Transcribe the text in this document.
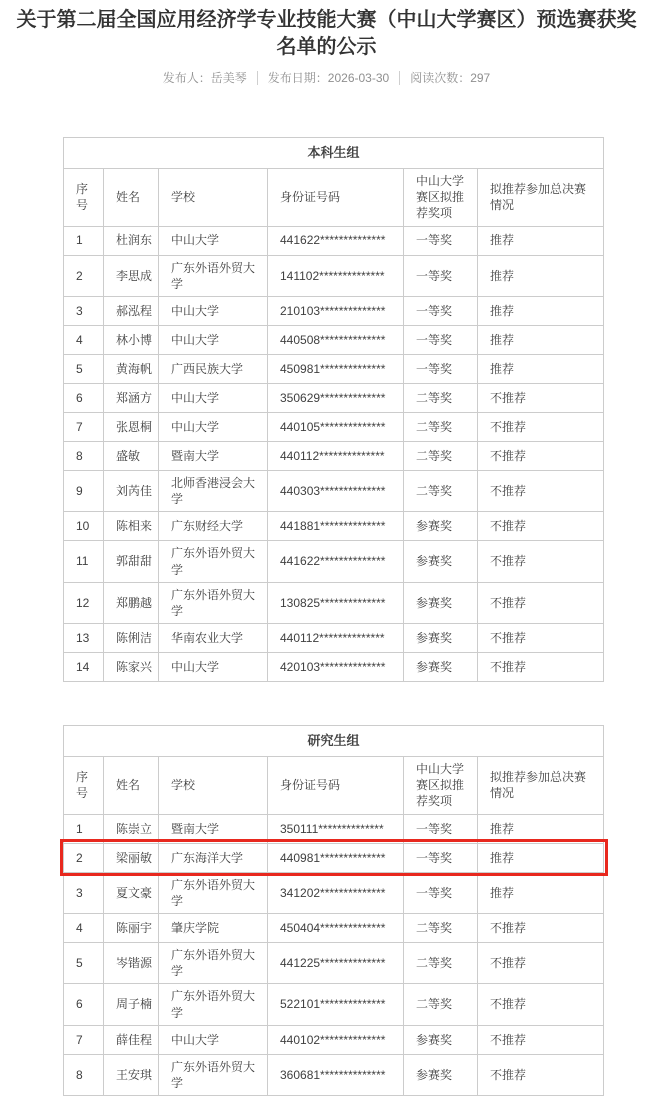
关于第二届全国应用经济学专业技能大赛（中山大学赛区）预选赛获奖名单的公示
发布人：岳美琴 发布日期：2026-03-30 阅读次数：297
本科生组					
序号	姓名	学校	身份证号码	中山大学赛区拟推荐奖项	拟推荐参加总决赛情况
1	杜润东	中山大学	441622**************	一等奖	推荐
2	李思成	广东外语外贸大学	141102**************	一等奖	推荐
3	郝泓程	中山大学	210103**************	一等奖	推荐
4	林小博	中山大学	440508**************	一等奖	推荐
5	黄海帆	广西民族大学	450981**************	一等奖	推荐
6	郑涵方	中山大学	350629**************	二等奖	不推荐
7	张恩桐	中山大学	440105**************	二等奖	不推荐
8	盛敏	暨南大学	440112**************	二等奖	不推荐
9	刘芮佳	北师香港浸会大学	440303**************	二等奖	不推荐
10	陈相来	广东财经大学	441881**************	参赛奖	不推荐
11	郭甜甜	广东外语外贸大学	441622**************	参赛奖	不推荐
12	郑鹏越	广东外语外贸大学	130825**************	参赛奖	不推荐
13	陈俐洁	华南农业大学	440112**************	参赛奖	不推荐
14	陈家兴	中山大学	420103**************	参赛奖	不推荐
研究生组					
序号	姓名	学校	身份证号码	中山大学赛区拟推荐奖项	拟推荐参加总决赛情况
1	陈崇立	暨南大学	350111**************	一等奖	推荐
2	梁丽敏	广东海洋大学	440981**************	一等奖	推荐
3	夏文豪	广东外语外贸大学	341202**************	一等奖	推荐
4	陈丽宇	肇庆学院	450404**************	二等奖	不推荐
5	岑锴源	广东外语外贸大学	441225**************	二等奖	不推荐
6	周子楠	广东外语外贸大学	522101**************	二等奖	不推荐
7	薛佳程	中山大学	440102**************	参赛奖	不推荐
8	王安琪	广东外语外贸大学	360681**************	参赛奖	不推荐
